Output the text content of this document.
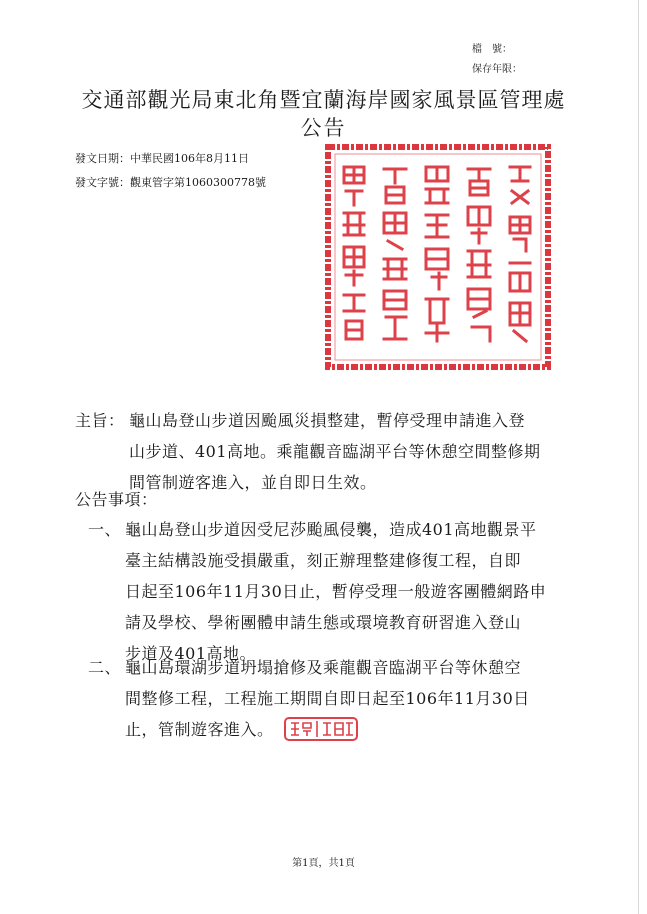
檔　號：
保存年限：
交通部觀光局東北角暨宜蘭海岸國家風景區管理處
公告
發文日期：中華民國106年8月11日
發文字號：觀東管字第1060300778號
主旨： 龜山島登山步道因颱風災損整建，暫停受理申請進入登
山步道、401高地。乘龍觀音臨湖平台等休憩空間整修期
間管制遊客進入，並自即日生效。
公告事項：
一、 龜山島登山步道因受尼莎颱風侵襲，造成401高地觀景平
臺主結構設施受損嚴重，刻正辦理整建修復工程，自即
日起至106年11月30日止，暫停受理一般遊客團體網路申
請及學校、學術團體申請生態或環境教育研習進入登山
步道及401高地。
二、 龜山島環湖步道坍塌搶修及乘龍觀音臨湖平台等休憩空
間整修工程，工程施工期間自即日起至106年11月30日
止，管制遊客進入。
第1頁，共1頁
